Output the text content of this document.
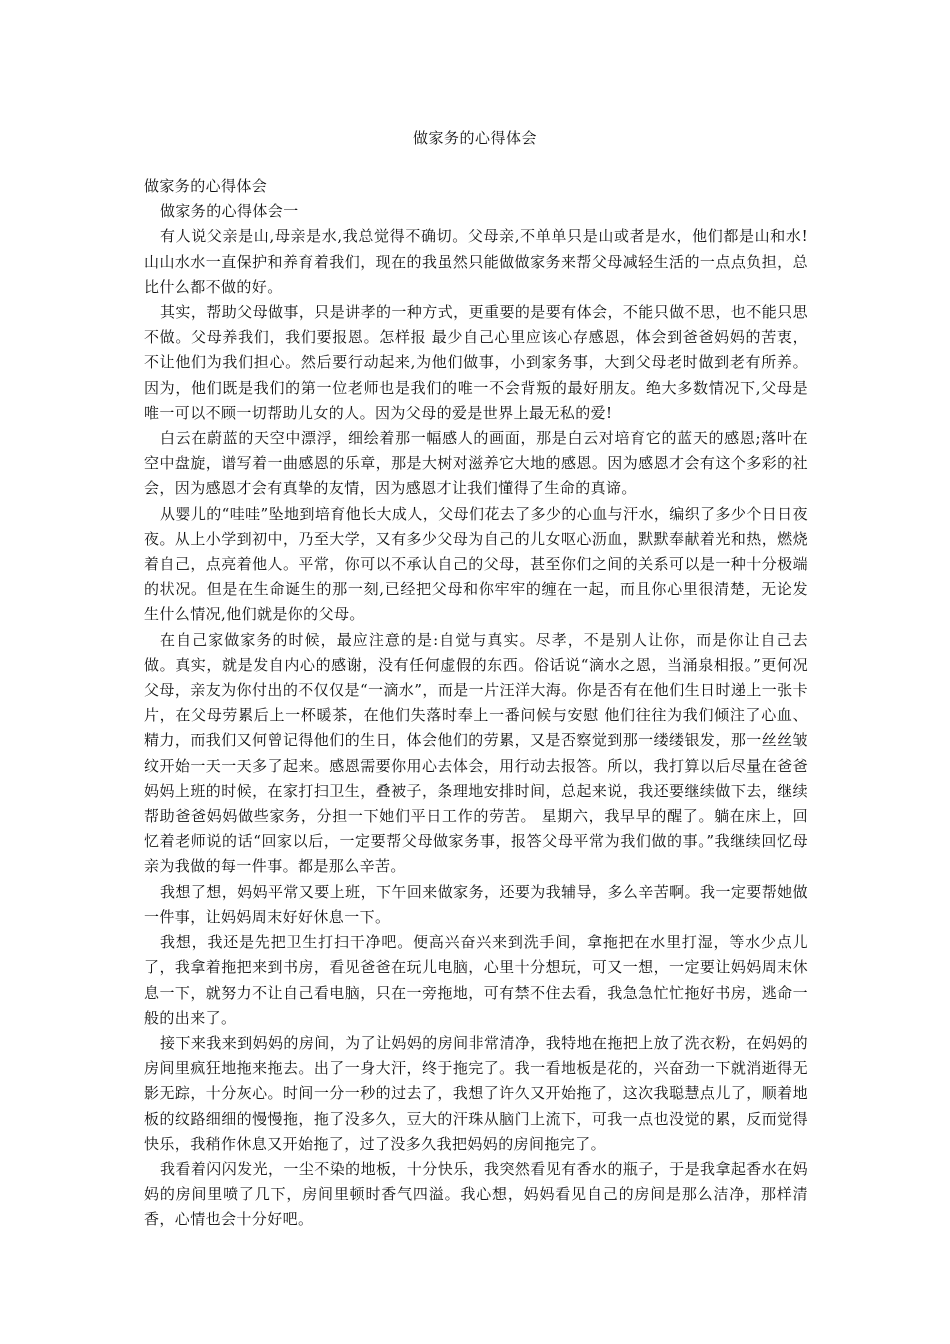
做家务的心得体会

做家务的心得体会

做家务的心得体会一

有人说父亲是山,母亲是水,我总觉得不确切。父母亲,不单单只是山或者是水，他们都是山和水!山山水水一直保护和养育着我们，现在的我虽然只能做做家务来帮父母减轻生活的一点点负担，总比什么都不做的好。

其实，帮助父母做事，只是讲孝的一种方式，更重要的是要有体会，不能只做不思，也不能只思不做。父母养我们，我们要报恩。怎样报 最少自己心里应该心存感恩，体会到爸爸妈妈的苦衷，不让他们为我们担心。然后要行动起来,为他们做事，小到家务事，大到父母老时做到老有所养。因为，他们既是我们的第一位老师也是我们的唯一不会背叛的最好朋友。绝大多数情况下,父母是唯一可以不顾一切帮助儿女的人。因为父母的爱是世界上最无私的爱!

白云在蔚蓝的天空中漂浮，细绘着那一幅感人的画面，那是白云对培育它的蓝天的感恩;落叶在空中盘旋，谱写着一曲感恩的乐章，那是大树对滋养它大地的感恩。因为感恩才会有这个多彩的社会，因为感恩才会有真挚的友情，因为感恩才让我们懂得了生命的真谛。

从婴儿的“哇哇”坠地到培育他长大成人，父母们花去了多少的心血与汗水，编织了多少个日日夜夜。从上小学到初中，乃至大学，又有多少父母为自己的儿女呕心沥血，默默奉献着光和热，燃烧着自己，点亮着他人。平常，你可以不承认自己的父母，甚至你们之间的关系可以是一种十分极端的状况。但是在生命诞生的那一刻,已经把父母和你牢牢的缠在一起，而且你心里很清楚，无论发生什么情况,他们就是你的父母。

在自己家做家务的时候，最应注意的是:自觉与真实。尽孝，不是别人让你，而是你让自己去做。真实，就是发自内心的感谢，没有任何虚假的东西。俗话说“滴水之恩，当涌泉相报。”更何况父母，亲友为你付出的不仅仅是“一滴水”，而是一片汪洋大海。你是否有在他们生日时递上一张卡片，在父母劳累后上一杯暖茶，在他们失落时奉上一番问候与安慰 他们往往为我们倾注了心血、精力，而我们又何曾记得他们的生日，体会他们的劳累，又是否察觉到那一缕缕银发，那一丝丝皱纹开始一天一天多了起来。感恩需要你用心去体会，用行动去报答。所以，我打算以后尽量在爸爸妈妈上班的时候，在家打扫卫生，叠被子，条理地安排时间，总起来说，我还要继续做下去，继续帮助爸爸妈妈做些家务，分担一下她们平日工作的劳苦。 星期六，我早早的醒了。躺在床上，回忆着老师说的话“回家以后，一定要帮父母做家务事，报答父母平常为我们做的事。”我继续回忆母亲为我做的每一件事。都是那么辛苦。

我想了想，妈妈平常又要上班，下午回来做家务，还要为我辅导，多么辛苦啊。我一定要帮她做一件事，让妈妈周末好好休息一下。

我想，我还是先把卫生打扫干净吧。便高兴奋兴来到洗手间，拿拖把在水里打湿，等水少点儿了，我拿着拖把来到书房，看见爸爸在玩儿电脑，心里十分想玩，可又一想，一定要让妈妈周末休息一下，就努力不让自己看电脑，只在一旁拖地，可有禁不住去看，我急急忙忙拖好书房，逃命一般的出来了。

接下来我来到妈妈的房间，为了让妈妈的房间非常清净，我特地在拖把上放了洗衣粉，在妈妈的房间里疯狂地拖来拖去。出了一身大汗，终于拖完了。我一看地板是花的，兴奋劲一下就消逝得无影无踪，十分灰心。时间一分一秒的过去了，我想了许久又开始拖了，这次我聪慧点儿了，顺着地板的纹路细细的慢慢拖，拖了没多久，豆大的汗珠从脑门上流下，可我一点也没觉的累，反而觉得快乐，我稍作休息又开始拖了，过了没多久我把妈妈的房间拖完了。

我看着闪闪发光，一尘不染的地板，十分快乐，我突然看见有香水的瓶子，于是我拿起香水在妈妈的房间里喷了几下，房间里顿时香气四溢。我心想，妈妈看见自己的房间是那么洁净，那样清香，心情也会十分好吧。
